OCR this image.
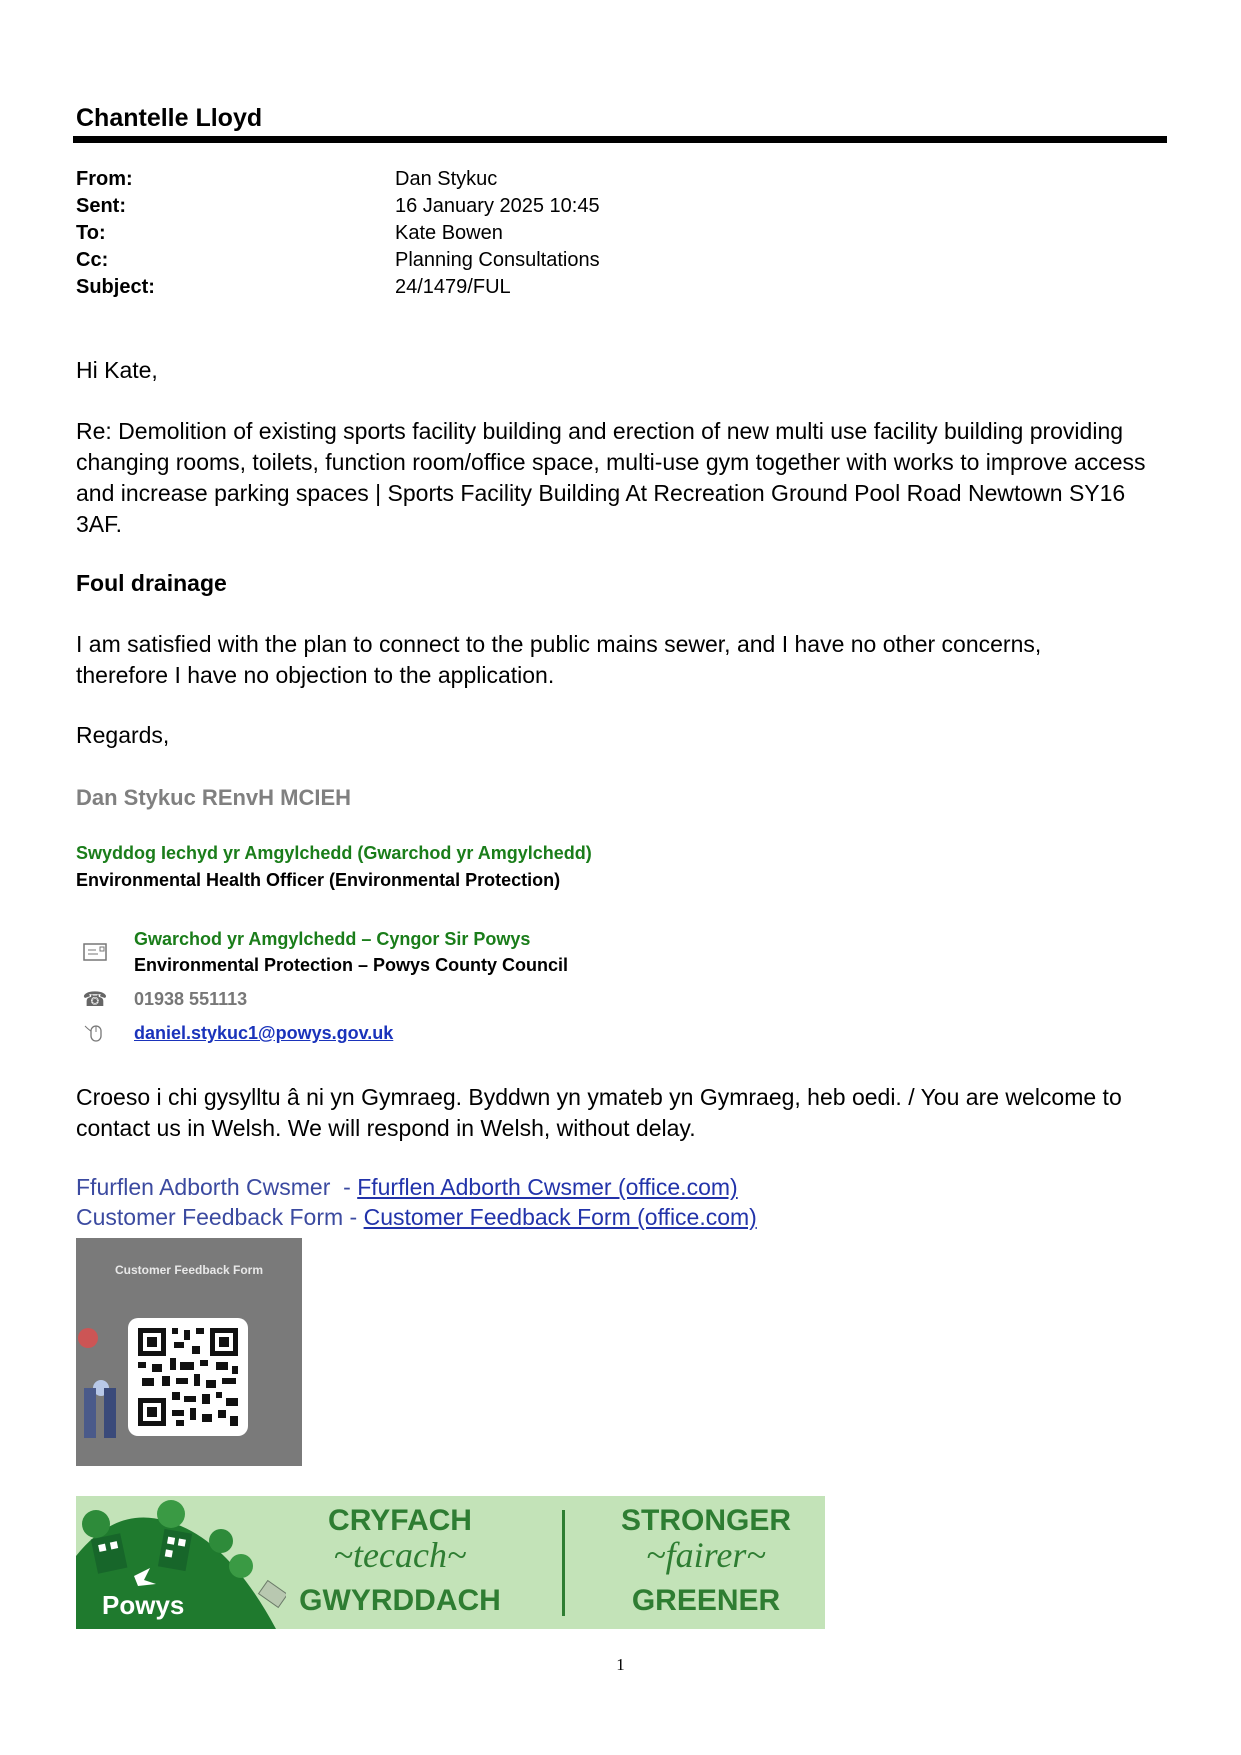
Chantelle Lloyd
From:	Dan Stykuc
Sent:	16 January 2025 10:45
To:	Kate Bowen
Cc:	Planning Consultations
Subject:	24/1479/FUL
Hi Kate,
Re: Demolition of existing sports facility building and erection of new multi use facility building providing changing rooms, toilets, function room/office space, multi-use gym together with works to improve access and increase parking spaces | Sports Facility Building At Recreation Ground Pool Road Newtown SY16 3AF.
Foul drainage
I am satisfied with the plan to connect to the public mains sewer, and I have no other concerns, therefore I have no objection to the application.
Regards,
Dan Stykuc REnvH MCIEH
Swyddog Iechyd yr Amgylchedd (Gwarchod yr Amgylchedd)
Environmental Health Officer (Environmental Protection)
Gwarchod yr Amgylchedd – Cyngor Sir Powys
Environmental Protection – Powys County Council
☎ 01938 551113
daniel.stykuc1@powys.gov.uk
Croeso i chi gysylltu â ni yn Gymraeg. Byddwn yn ymateb yn Gymraeg, heb oedi. / You are welcome to contact us in Welsh. We will respond in Welsh, without delay.
Ffurflen Adborth Cwsmer  - Ffurflen Adborth Cwsmer (office.com)
Customer Feedback Form - Customer Feedback Form (office.com)
Customer Feedback Form
Powys
CRYFACH
~tecach~
GWYRDDACH
STRONGER
~fairer~
GREENER
1
